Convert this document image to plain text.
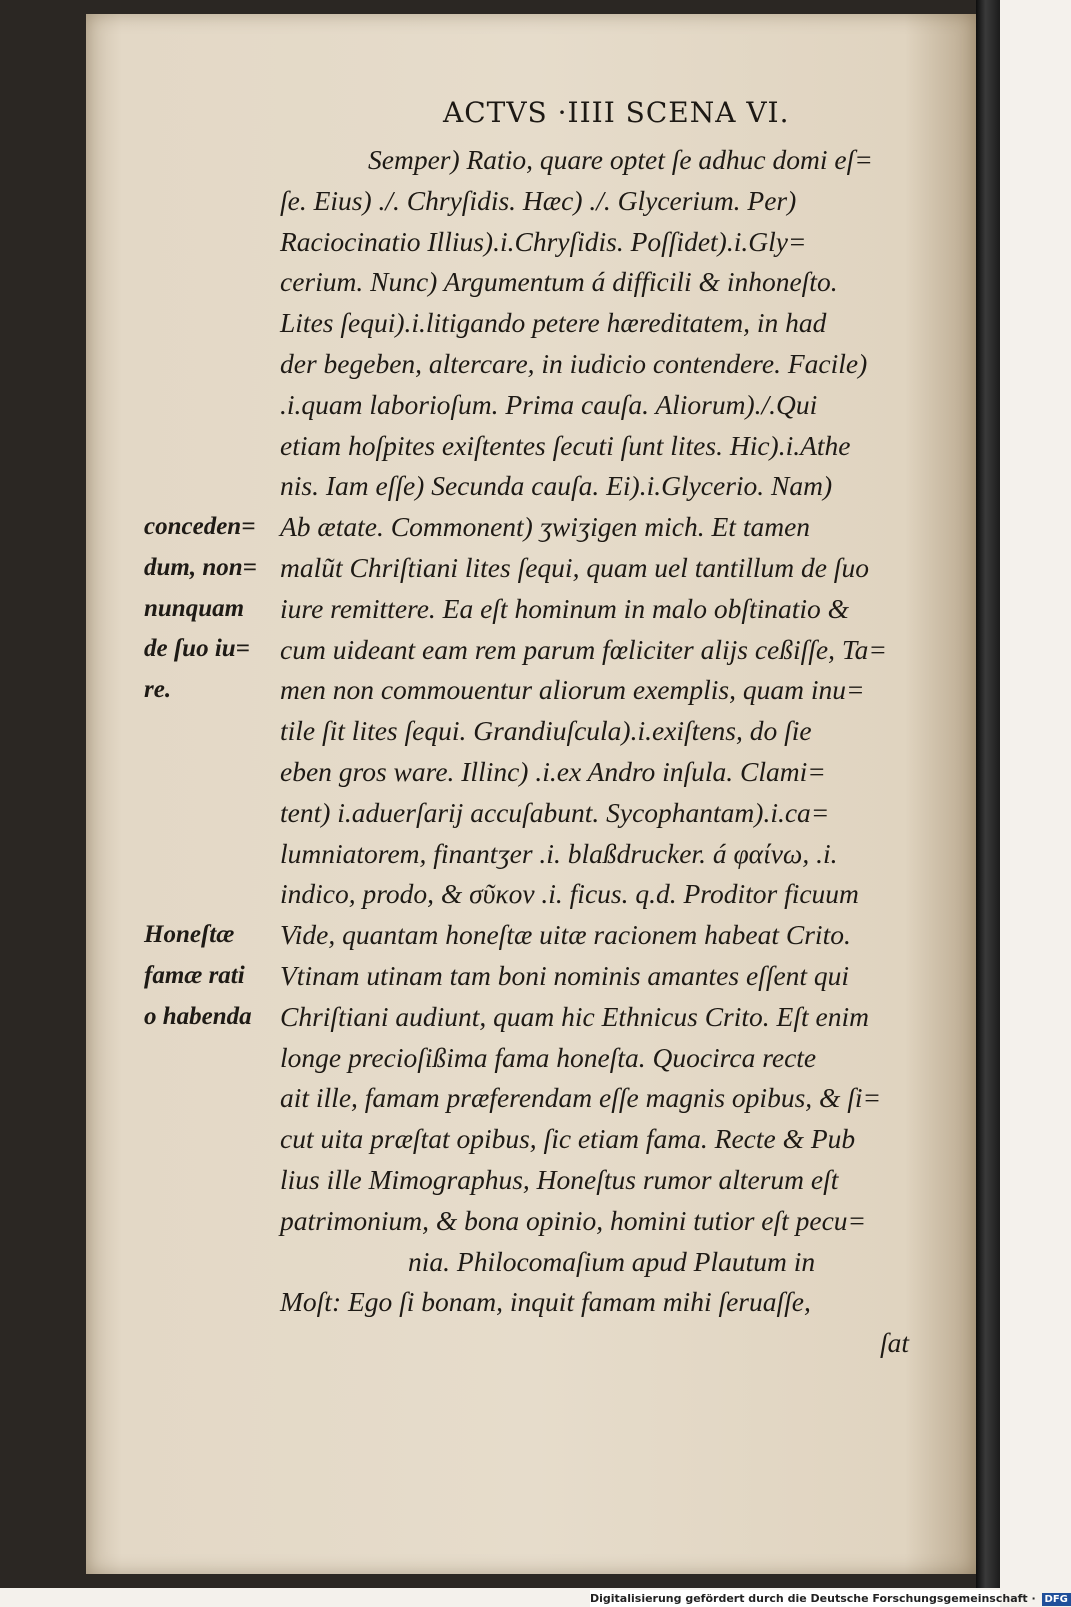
ACTVS ·IIII SCENA VI.
Semper) Ratio, quare optet ſe adhuc domi eſ=
ſe. Eius) ./. Chryſidis. Hæc) ./. Glycerium. Per)
Raciocinatio Illius).i.Chryſidis. Poſſidet).i.Gly=
cerium. Nunc) Argumentum á difficili & inhoneſto.
Lites ſequi).i.litigando petere hæreditatem, in had
der begeben, altercare, in iudicio contendere. Facile)
.i.quam laborioſum. Prima cauſa. Aliorum)./.Qui
etiam hoſpites exiſtentes ſecuti ſunt lites. Hic).i.Athe
nis. Iam eſſe) Secunda cauſa. Ei).i.Glycerio. Nam)
Ab ætate. Commonent) ʒwiʒigen mich. Et tamen
malũt Chriſtiani lites ſequi, quam uel tantillum de ſuo
iure remittere. Ea eſt hominum in malo obſtinatio &
cum uideant eam rem parum fœliciter alijs ceßiſſe, Ta=
men non commouentur aliorum exemplis, quam inu=
tile ſit lites ſequi. Grandiuſcula).i.exiſtens, do ſie
eben gros ware. Illinc) .i.ex Andro inſula. Clami=
tent) i.aduerſarij accuſabunt. Sycophantam).i.ca=
lumniatorem, finantʒer .i. blaßdrucker. á φαίνω, .i.
indico, prodo, & σῦκον .i. ficus. q.d. Proditor ficuum
Vide, quantam honeſtæ uitæ racionem habeat Crito.
Vtinam utinam tam boni nominis amantes eſſent qui
Chriſtiani audiunt, quam hic Ethnicus Crito. Eſt enim
longe precioſißima fama honeſta. Quocirca recte
ait ille, famam præferendam eſſe magnis opibus, & ſi=
cut uita præſtat opibus, ſic etiam fama. Recte & Pub
lius ille Mimographus, Honeſtus rumor alterum eſt
patrimonium, & bona opinio, homini tutior eſt pecu=
nia. Philocomaſium apud Plautum in
Moſt: Ego ſi bonam, inquit famam mihi ſeruaſſe,
ſat
conceden=
dum, non=
nunquam
de ſuo iu=
re.
Honeſtæ
famæ rati
o habenda
Digitalisierung gefördert durch die Deutsche Forschungsgemeinschaft · DFG
